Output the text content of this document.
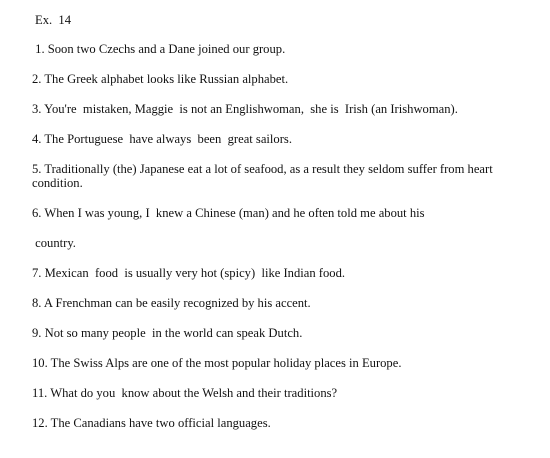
Ex.  14
1. Soon two Czechs and a Dane joined our group.
2. The Greek alphabet looks like Russian alphabet.
3. You're  mistaken, Maggie  is not an Englishwoman,  she is  Irish (an Irishwoman).
4. The Portuguese  have always  been  great sailors.
5. Traditionally (the) Japanese eat a lot of seafood, as a result they seldom suffer from heart condition.
6. When I was young, I  knew a Chinese (man) and he often told me about his
country.
7. Mexican  food  is usually very hot (spicy)  like Indian food.
8. A Frenchman can be easily recognized by his accent.
9. Not so many people  in the world can speak Dutch.
10. The Swiss Alps are one of the most popular holiday places in Europe.
11. What do you  know about the Welsh and their traditions?
12. The Canadians have two official languages.
